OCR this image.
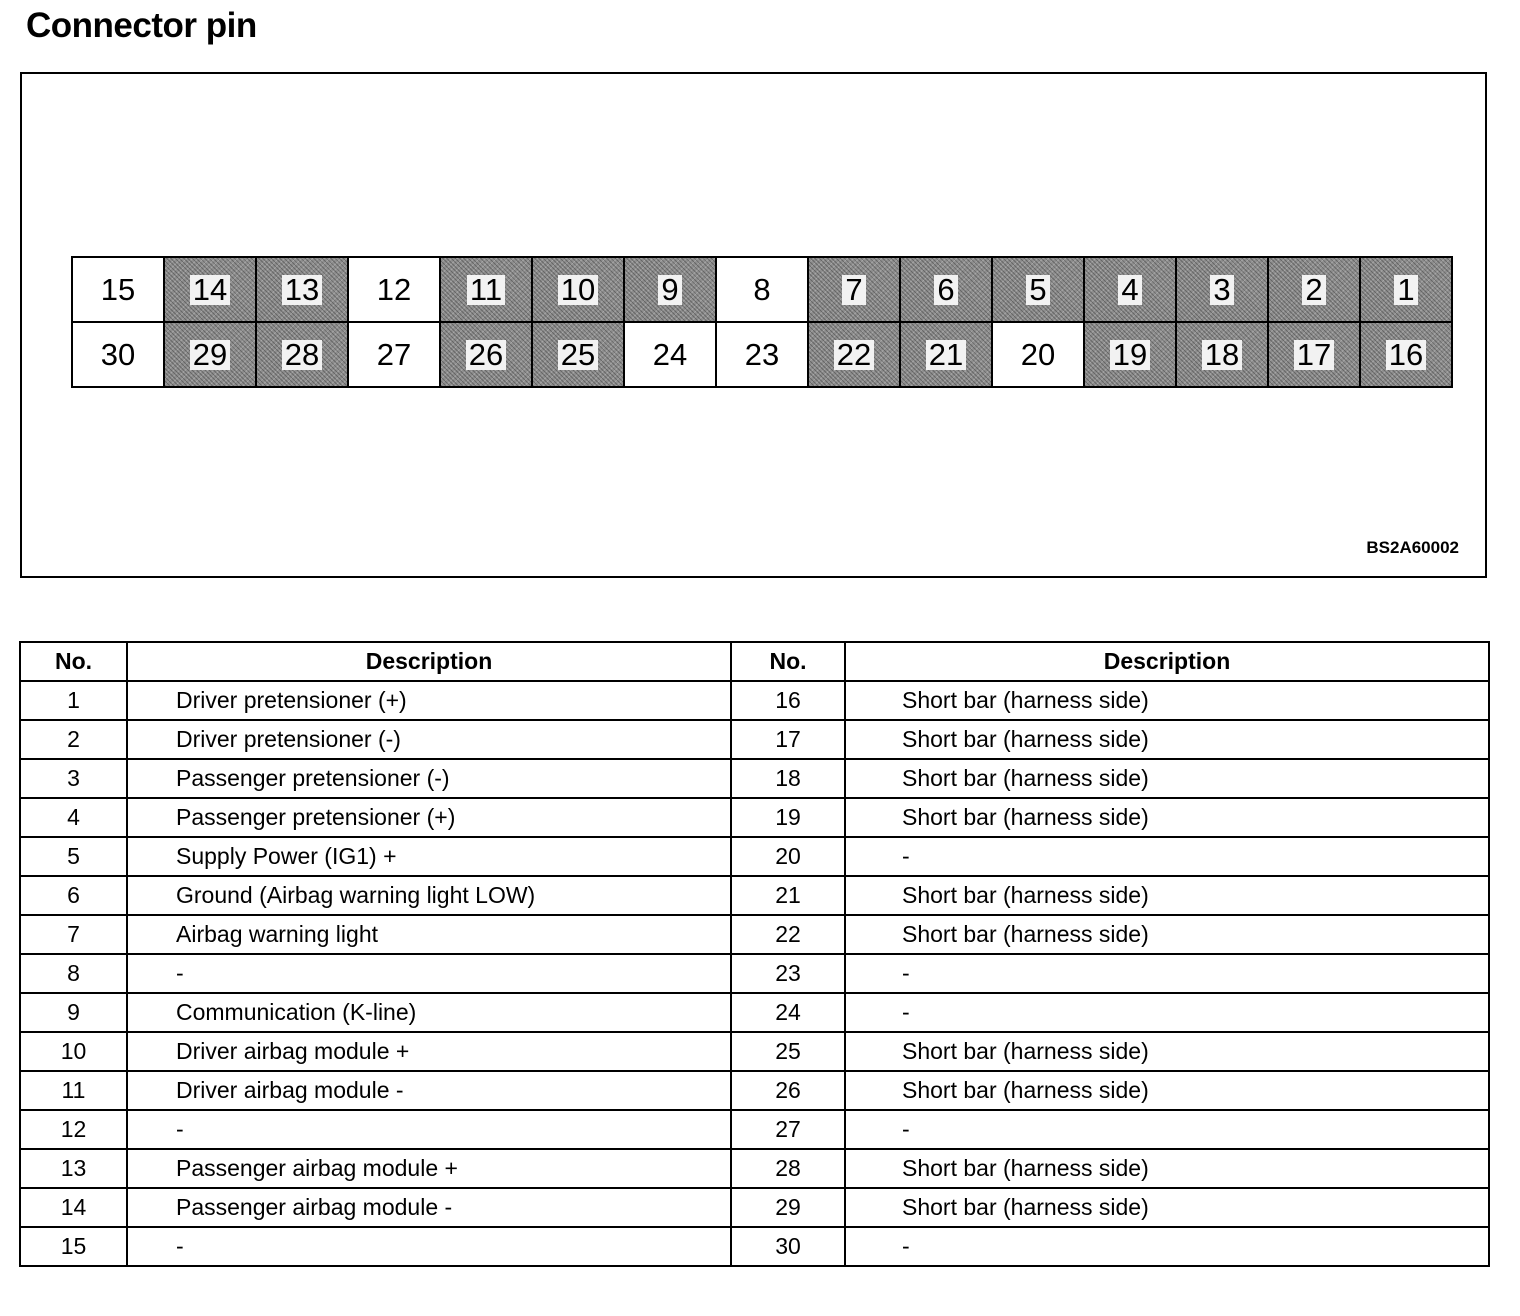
Connector pin
15	14	13	12	11	10	9	8	7	6	5	4	3	2	1
30	29	28	27	26	25	24	23	22	21	20	19	18	17	16
BS2A60002
No.	Description	No.	Description
1	Driver pretensioner (+)	16	Short bar (harness side)
2	Driver pretensioner (-)	17	Short bar (harness side)
3	Passenger pretensioner (-)	18	Short bar (harness side)
4	Passenger pretensioner (+)	19	Short bar (harness side)
5	Supply Power (IG1) +	20	-
6	Ground (Airbag warning light LOW)	21	Short bar (harness side)
7	Airbag warning light	22	Short bar (harness side)
8	-	23	-
9	Communication (K-line)	24	-
10	Driver airbag module +	25	Short bar (harness side)
11	Driver airbag module -	26	Short bar (harness side)
12	-	27	-
13	Passenger airbag module +	28	Short bar (harness side)
14	Passenger airbag module -	29	Short bar (harness side)
15	-	30	-
